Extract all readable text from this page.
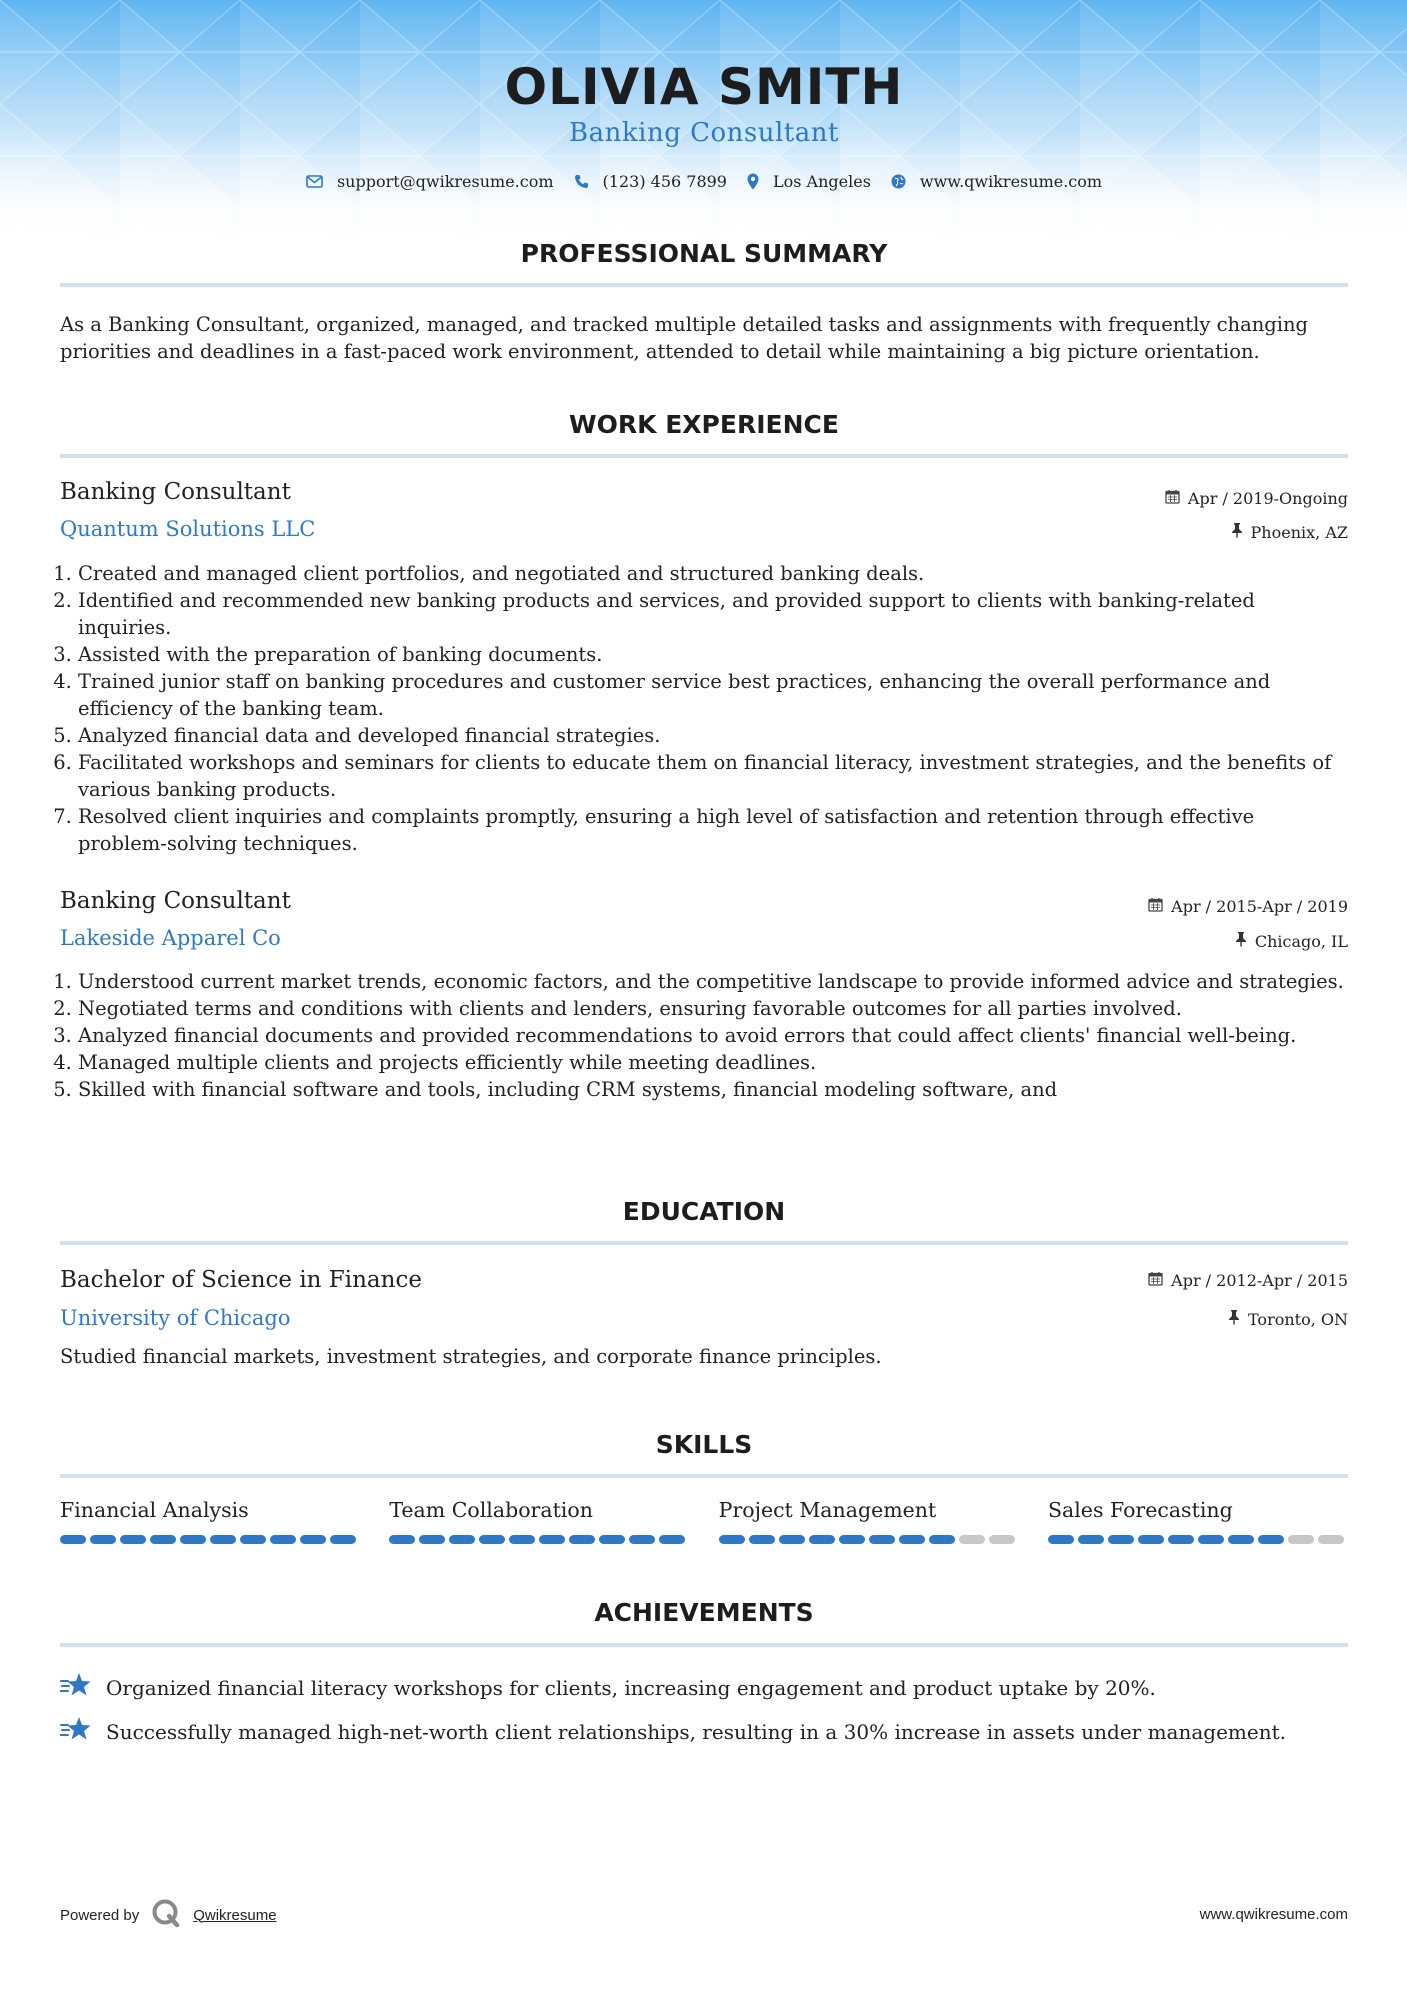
OLIVIA SMITH
Banking Consultant
support@qwikresume.com	(123) 456 7899	Los Angeles	www.qwikresume.com
PROFESSIONAL SUMMARY
As a Banking Consultant, organized, managed, and tracked multiple detailed tasks and assignments with frequently changing priorities and deadlines in a fast-paced work environment, attended to detail while maintaining a big picture orientation.
WORK EXPERIENCE
Banking Consultant	Apr / 2019-Ongoing
Quantum Solutions LLC	Phoenix, AZ
1. Created and managed client portfolios, and negotiated and structured banking deals.
2. Identified and recommended new banking products and services, and provided support to clients with banking-related inquiries.
3. Assisted with the preparation of banking documents.
4. Trained junior staff on banking procedures and customer service best practices, enhancing the overall performance and efficiency of the banking team.
5. Analyzed financial data and developed financial strategies.
6. Facilitated workshops and seminars for clients to educate them on financial literacy, investment strategies, and the benefits of various banking products.
7. Resolved client inquiries and complaints promptly, ensuring a high level of satisfaction and retention through effective problem-solving techniques.
Banking Consultant	Apr / 2015-Apr / 2019
Lakeside Apparel Co	Chicago, IL
1. Understood current market trends, economic factors, and the competitive landscape to provide informed advice and strategies.
2. Negotiated terms and conditions with clients and lenders, ensuring favorable outcomes for all parties involved.
3. Analyzed financial documents and provided recommendations to avoid errors that could affect clients' financial well-being.
4. Managed multiple clients and projects efficiently while meeting deadlines.
5. Skilled with financial software and tools, including CRM systems, financial modeling software, and
EDUCATION
Bachelor of Science in Finance	Apr / 2012-Apr / 2015
University of Chicago	Toronto, ON
Studied financial markets, investment strategies, and corporate finance principles.
SKILLS
Financial Analysis	Team Collaboration	Project Management	Sales Forecasting
ACHIEVEMENTS
Organized financial literacy workshops for clients, increasing engagement and product uptake by 20%.
Successfully managed high-net-worth client relationships, resulting in a 30% increase in assets under management.
Powered by	Qwikresume	www.qwikresume.com
